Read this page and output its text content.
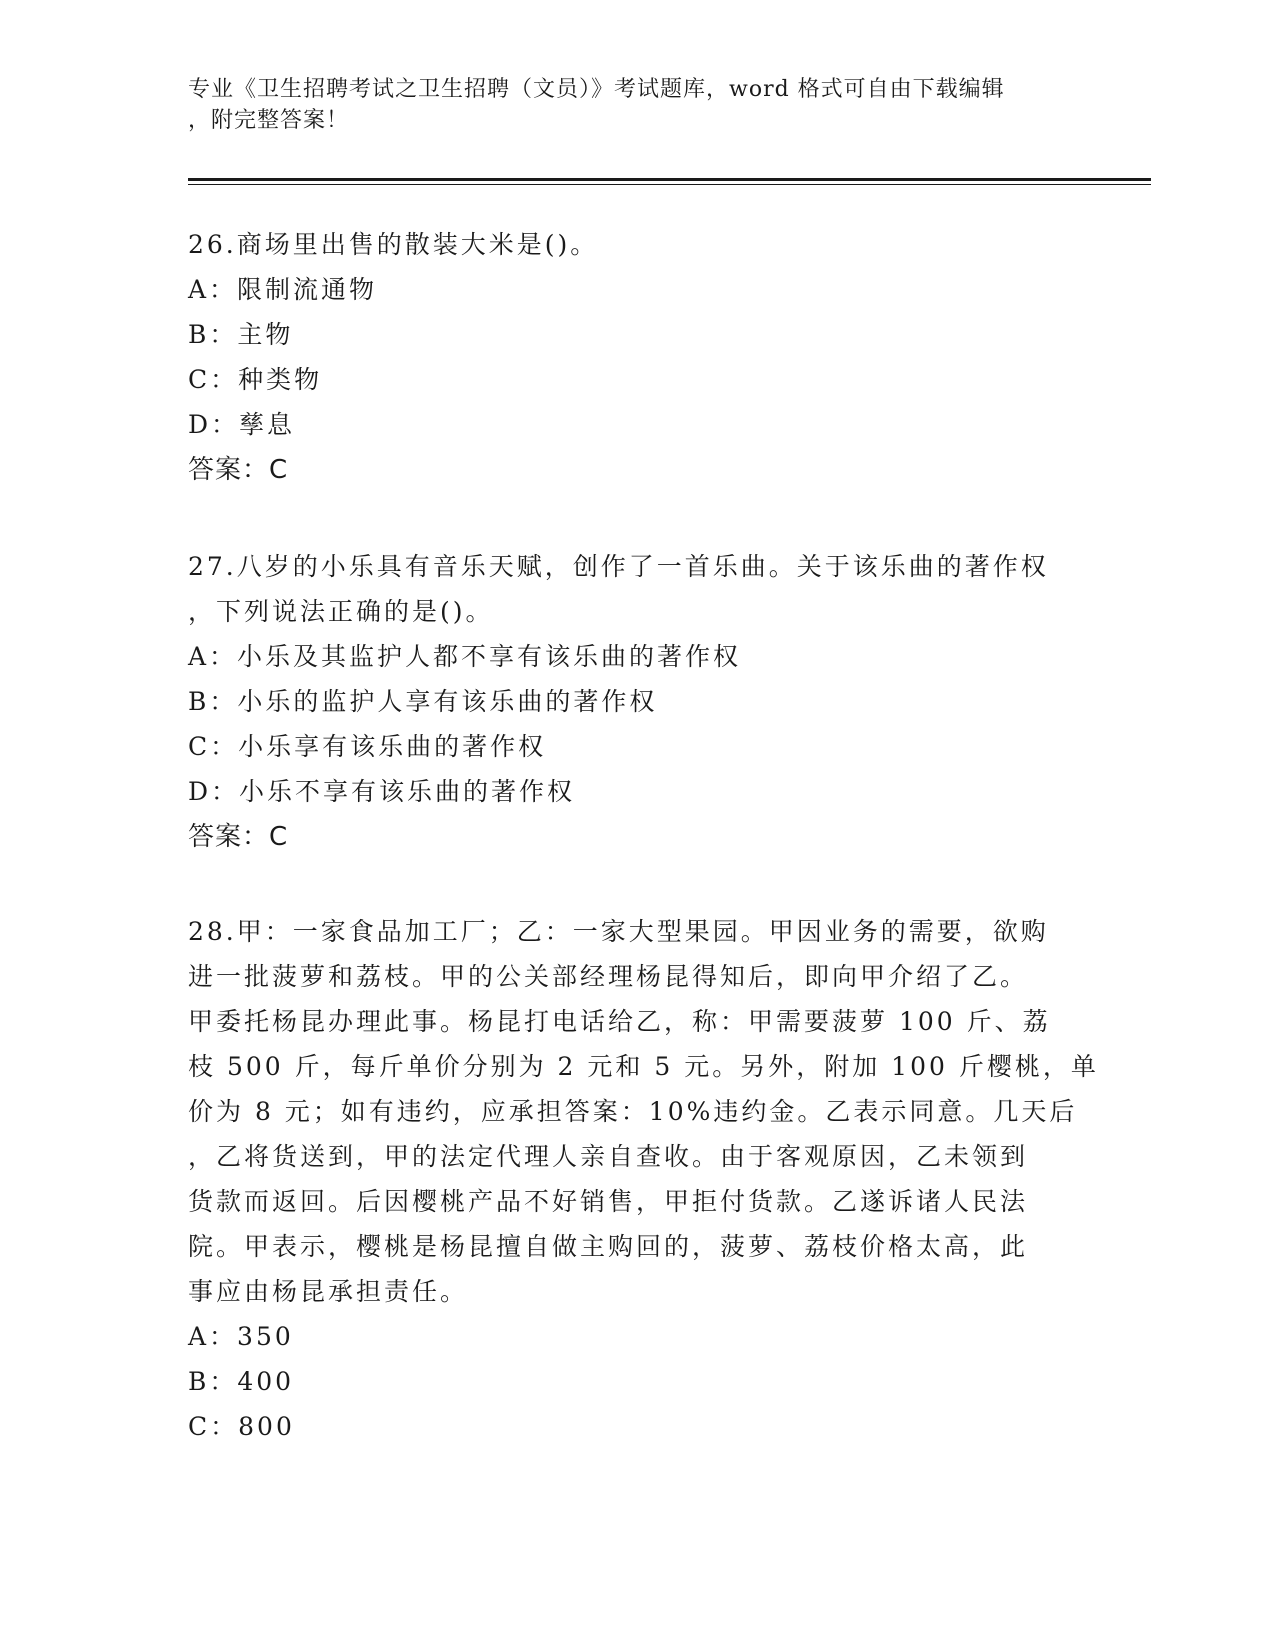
专业《卫生招聘考试之卫生招聘（文员）》考试题库，word 格式可自由下载编辑
，附完整答案！
26.商场里出售的散装大米是()。
A：限制流通物
B：主物
C：种类物
D：孳息
答案：C
27.八岁的小乐具有音乐天赋，创作了一首乐曲。关于该乐曲的著作权
，下列说法正确的是()。
A：小乐及其监护人都不享有该乐曲的著作权
B：小乐的监护人享有该乐曲的著作权
C：小乐享有该乐曲的著作权
D：小乐不享有该乐曲的著作权
答案：C
28.甲：一家食品加工厂；乙：一家大型果园。甲因业务的需要，欲购
进一批菠萝和荔枝。甲的公关部经理杨昆得知后，即向甲介绍了乙。
甲委托杨昆办理此事。杨昆打电话给乙，称：甲需要菠萝 100 斤、荔
枝 500 斤，每斤单价分别为 2 元和 5 元。另外，附加 100 斤樱桃，单
价为 8 元；如有违约，应承担答案：10%违约金。乙表示同意。几天后
，乙将货送到，甲的法定代理人亲自查收。由于客观原因，乙未领到
货款而返回。后因樱桃产品不好销售，甲拒付货款。乙遂诉诸人民法
院。甲表示，樱桃是杨昆擅自做主购回的，菠萝、荔枝价格太高，此
事应由杨昆承担责任。
A：350
B：400
C：800
